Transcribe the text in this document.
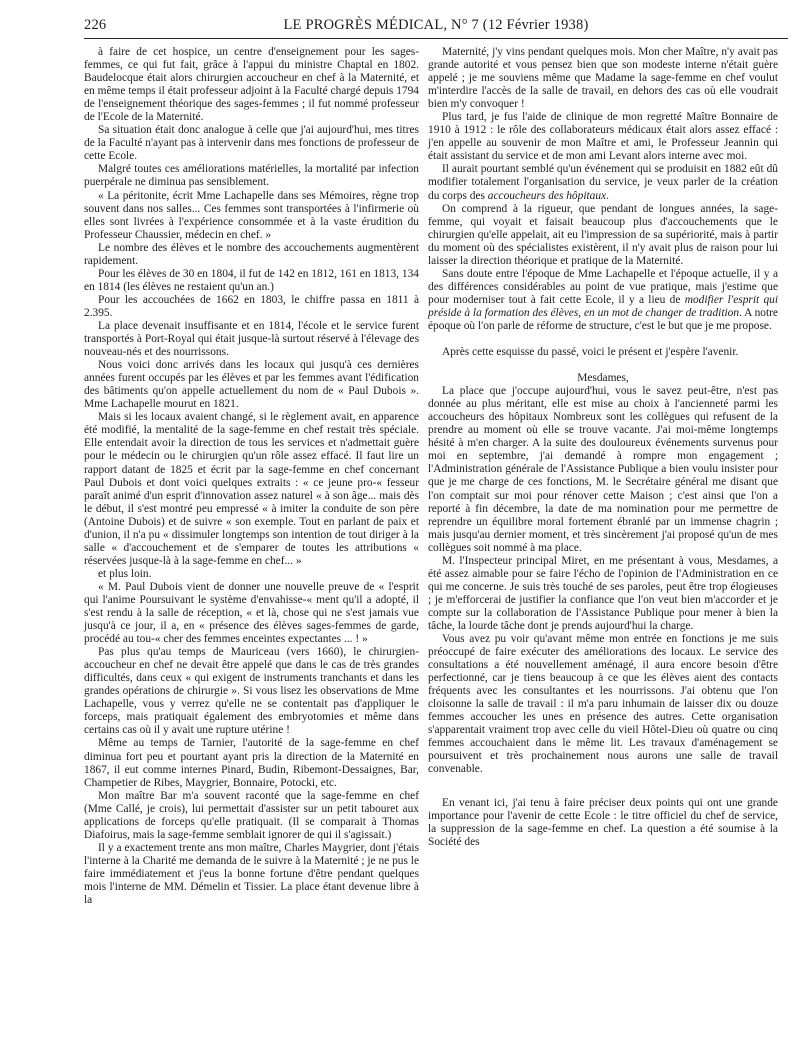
226	LE PROGRÈS MÉDICAL, N° 7 (12 Février 1938)

à faire de cet hospice, un centre d'enseignement pour les sages-femmes, ce qui fut fait, grâce à l'appui du ministre Chaptal en 1802. Baudelocque était alors chirurgien accoucheur en chef à la Maternité, et en même temps il était professeur adjoint à la Faculté chargé depuis 1794 de l'enseignement théorique des sages-femmes ; il fut nommé professeur de l'Ecole de la Maternité.

Sa situation était donc analogue à celle que j'ai aujourd'hui, mes titres de la Faculté n'ayant pas à intervenir dans mes fonctions de professeur de cette Ecole.

Malgré toutes ces améliorations matérielles, la mortalité par infection puerpérale ne diminua pas sensiblement.

« La péritonite, écrit Mme Lachapelle dans ses Mémoires, règne trop souvent dans nos salles... Ces femmes sont transportées à l'infirmerie où elles sont livrées à l'expérience consommée et à la vaste érudition du Professeur Chaussier, médecin en chef. »

Le nombre des élèves et le nombre des accouchements augmentèrent rapidement.

Pour les élèves de 30 en 1804, il fut de 142 en 1812, 161 en 1813, 134 en 1814 (les élèves ne restaient qu'un an.)

Pour les accouchées de 1662 en 1803, le chiffre passa en 1811 à 2.395.

La place devenait insuffisante et en 1814, l'école et le service furent transportés à Port-Royal qui était jusque-là surtout réservé à l'élevage des nouveau-nés et des nourrissons.

Nous voici donc arrivés dans les locaux qui jusqu'à ces dernières années furent occupés par les élèves et par les femmes avant l'édification des bâtiments qu'on appelle actuellement du nom de « Paul Dubois ». Mme Lachapelle mourut en 1821.

Mais si les locaux avaient changé, si le règlement avait, en apparence été modifié, la mentalité de la sage-femme en chef restait très spéciale. Elle entendait avoir la direction de tous les services et n'admettait guère pour le médecin ou le chirurgien qu'un rôle assez effacé. Il faut lire un rapport datant de 1825 et écrit par la sage-femme en chef concernant Paul Dubois et dont voici quelques extraits : « ce jeune pro-« fesseur paraît animé d'un esprit d'innovation assez naturel « à son âge... mais dès le début, il s'est montré peu empressé « à imiter la conduite de son père (Antoine Dubois) et de suivre « son exemple. Tout en parlant de paix et d'union, il n'a pu « dissimuler longtemps son intention de tout diriger à la salle « d'accouchement et de s'emparer de toutes les attributions « réservées jusque-là à la sage-femme en chef... »

et plus loin.

« M. Paul Dubois vient de donner une nouvelle preuve de « l'esprit qui l'anime Poursuivant le système d'envahisse-« ment qu'il a adopté, il s'est rendu à la salle de réception, « et là, chose qui ne s'est jamais vue jusqu'à ce jour, il a, en « présence des élèves sages-femmes de garde, procédé au tou-« cher des femmes enceintes expectantes ... ! »

Pas plus qu'au temps de Mauriceau (vers 1660), le chirurgien-accoucheur en chef ne devait être appelé que dans le cas de très grandes difficultés, dans ceux « qui exigent de instruments tranchants et dans les grandes opérations de chirurgie ». Si vous lisez les observations de Mme Lachapelle, vous y verrez qu'elle ne se contentait pas d'appliquer le forceps, mais pratiquait également des embryotomies et même dans certains cas où il y avait une rupture utérine !

Même au temps de Tarnier, l'autorité de la sage-femme en chef diminua fort peu et pourtant ayant pris la direction de la Maternité en 1867, il eut comme internes Pinard, Budin, Ribemont-Dessaignes, Bar, Champetier de Ribes, Maygrier, Bonnaire, Potocki, etc.

Mon maître Bar m'a souvent raconté que la sage-femme en chef (Mme Callé, je crois), lui permettait d'assister sur un petit tabouret aux applications de forceps qu'elle pratiquait. (Il se comparait à Thomas Diafoirus, mais la sage-femme semblait ignorer de qui il s'agissait.)

Il y a exactement trente ans mon maître, Charles Maygrier, dont j'étais l'interne à la Charité me demanda de le suivre à la Maternité ; je ne pus le faire immédiatement et j'eus la bonne fortune d'être pendant quelques mois l'interne de MM. Démelin et Tissier. La place étant devenue libre à la

Maternité, j'y vins pendant quelques mois. Mon cher Maître, n'y avait pas grande autorité et vous pensez bien que son modeste interne n'était guère appelé ; je me souviens même que Madame la sage-femme en chef voulut m'interdire l'accès de la salle de travail, en dehors des cas où elle voudrait bien m'y convoquer !

Plus tard, je fus l'aide de clinique de mon regretté Maître Bonnaire de 1910 à 1912 : le rôle des collaborateurs médicaux était alors assez effacé : j'en appelle au souvenir de mon Maître et ami, le Professeur Jeannin qui était assistant du service et de mon ami Levant alors interne avec moi.

Il aurait pourtant semblé qu'un événement qui se produisit en 1882 eût dû modifier totalement l'organisation du service, je veux parler de la création du corps des accoucheurs des hôpitaux.

On comprend à la rigueur, que pendant de longues années, la sage-femme, qui voyait et faisait beaucoup plus d'accouchements que le chirurgien qu'elle appelait, ait eu l'impression de sa supériorité, mais à partir du moment où des spécialistes existèrent, il n'y avait plus de raison pour lui laisser la direction théorique et pratique de la Maternité.

Sans doute entre l'époque de Mme Lachapelle et l'époque actuelle, il y a des différences considérables au point de vue pratique, mais j'estime que pour moderniser tout à fait cette Ecole, il y a lieu de modifier l'esprit qui préside à la formation des élèves, en un mot de changer de tradition. A notre époque où l'on parle de réforme de structure, c'est le but que je me propose.

Après cette esquisse du passé, voici le présent et j'espère l'avenir.

Mesdames,

La place que j'occupe aujourd'hui, vous le savez peut-être, n'est pas donnée au plus méritant, elle est mise au choix à l'ancienneté parmi les accoucheurs des hôpitaux Nombreux sont les collègues qui refusent de la prendre au moment où elle se trouve vacante. J'ai moi-même longtemps hésité à m'en charger. A la suite des douloureux événements survenus pour moi en septembre, j'ai demandé à rompre mon engagement ; l'Administration générale de l'Assistance Publique a bien voulu insister pour que je me charge de ces fonctions, M. le Secrétaire général me disant que l'on comptait sur moi pour rénover cette Maison ; c'est ainsi que l'on a reporté à fin décembre, la date de ma nomination pour me permettre de reprendre un équilibre moral fortement ébranlé par un immense chagrin ; mais jusqu'au dernier moment, et très sincèrement j'ai proposé qu'un de mes collègues soit nommé à ma place.

M. l'Inspecteur principal Miret, en me présentant à vous, Mesdames, a été assez aimable pour se faire l'écho de l'opinion de l'Administration en ce qui me concerne. Je suis très touché de ses paroles, peut être trop élogieuses ; je m'efforcerai de justifier la confiance que l'on veut bien m'accorder et je compte sur la collaboration de l'Assistance Publique pour mener à bien la tâche, la lourde tâche dont je prends aujourd'hui la charge.

Vous avez pu voir qu'avant même mon entrée en fonctions je me suis préoccupé de faire exécuter des améliorations des locaux. Le service des consultations a été nouvellement aménagé, il aura encore besoin d'être perfectionné, car je tiens beaucoup à ce que les élèves aient des contacts fréquents avec les consultantes et les nourrissons. J'ai obtenu que l'on cloisonne la salle de travail : il m'a paru inhumain de laisser dix ou douze femmes accoucher les unes en présence des autres. Cette organisation s'apparentait vraiment trop avec celle du vieil Hôtel-Dieu où quatre ou cinq femmes accouchaient dans le même lit. Les travaux d'aménagement se poursuivent et très prochainement nous aurons une salle de travail convenable.

En venant ici, j'ai tenu à faire préciser deux points qui ont une grande importance pour l'avenir de cette Ecole : le titre officiel du chef de service, la suppression de la sage-femme en chef. La question a été soumise à la Société des
